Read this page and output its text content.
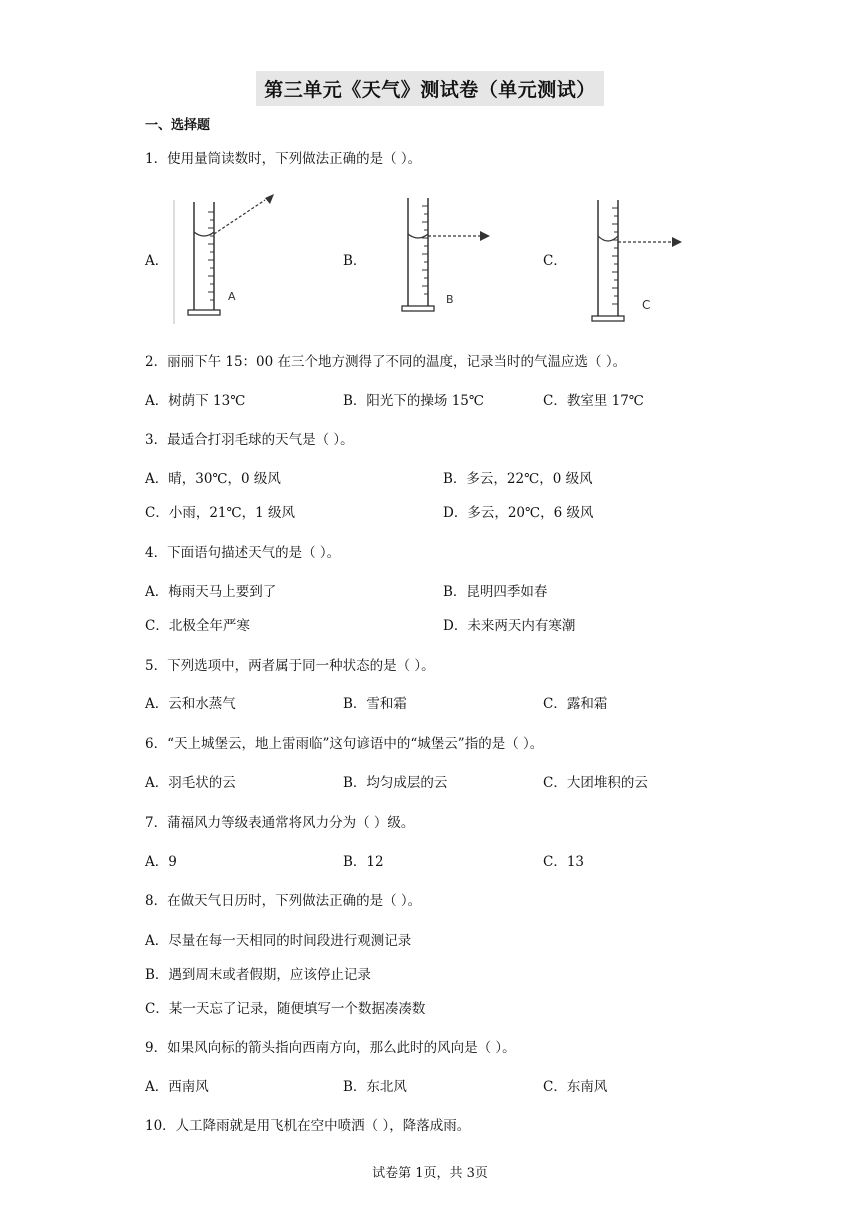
第三单元《天气》测试卷（单元测试）
一、选择题
1．使用量筒读数时，下列做法正确的是（ ）。
A．
A
B．
B
C．
C
2．丽丽下午 15：00 在三个地方测得了不同的温度，记录当时的气温应选（ ）。
A．树荫下 13℃	B．阳光下的操场 15℃	C．教室里 17℃
3．最适合打羽毛球的天气是（ ）。
A．晴，30℃，0 级风	B．多云，22℃，0 级风
C．小雨，21℃，1 级风	D．多云，20℃，6 级风
4．下面语句描述天气的是（ ）。
A．梅雨天马上要到了	B．昆明四季如春
C．北极全年严寒	D．未来两天内有寒潮
5．下列选项中，两者属于同一种状态的是（ ）。
A．云和水蒸气	B．雪和霜	C．露和霜
6．“天上城堡云，地上雷雨临”这句谚语中的“城堡云”指的是（ ）。
A．羽毛状的云	B．均匀成层的云	C．大团堆积的云
7．蒲福风力等级表通常将风力分为（ ）级。
A．9	B．12	C．13
8．在做天气日历时，下列做法正确的是（ ）。
A．尽量在每一天相同的时间段进行观测记录
B．遇到周末或者假期，应该停止记录
C．某一天忘了记录，随便填写一个数据凑凑数
9．如果风向标的箭头指向西南方向，那么此时的风向是（ ）。
A．西南风	B．东北风	C．东南风
10．人工降雨就是用飞机在空中喷洒（ ），降落成雨。
试卷第 1页，共 3页
